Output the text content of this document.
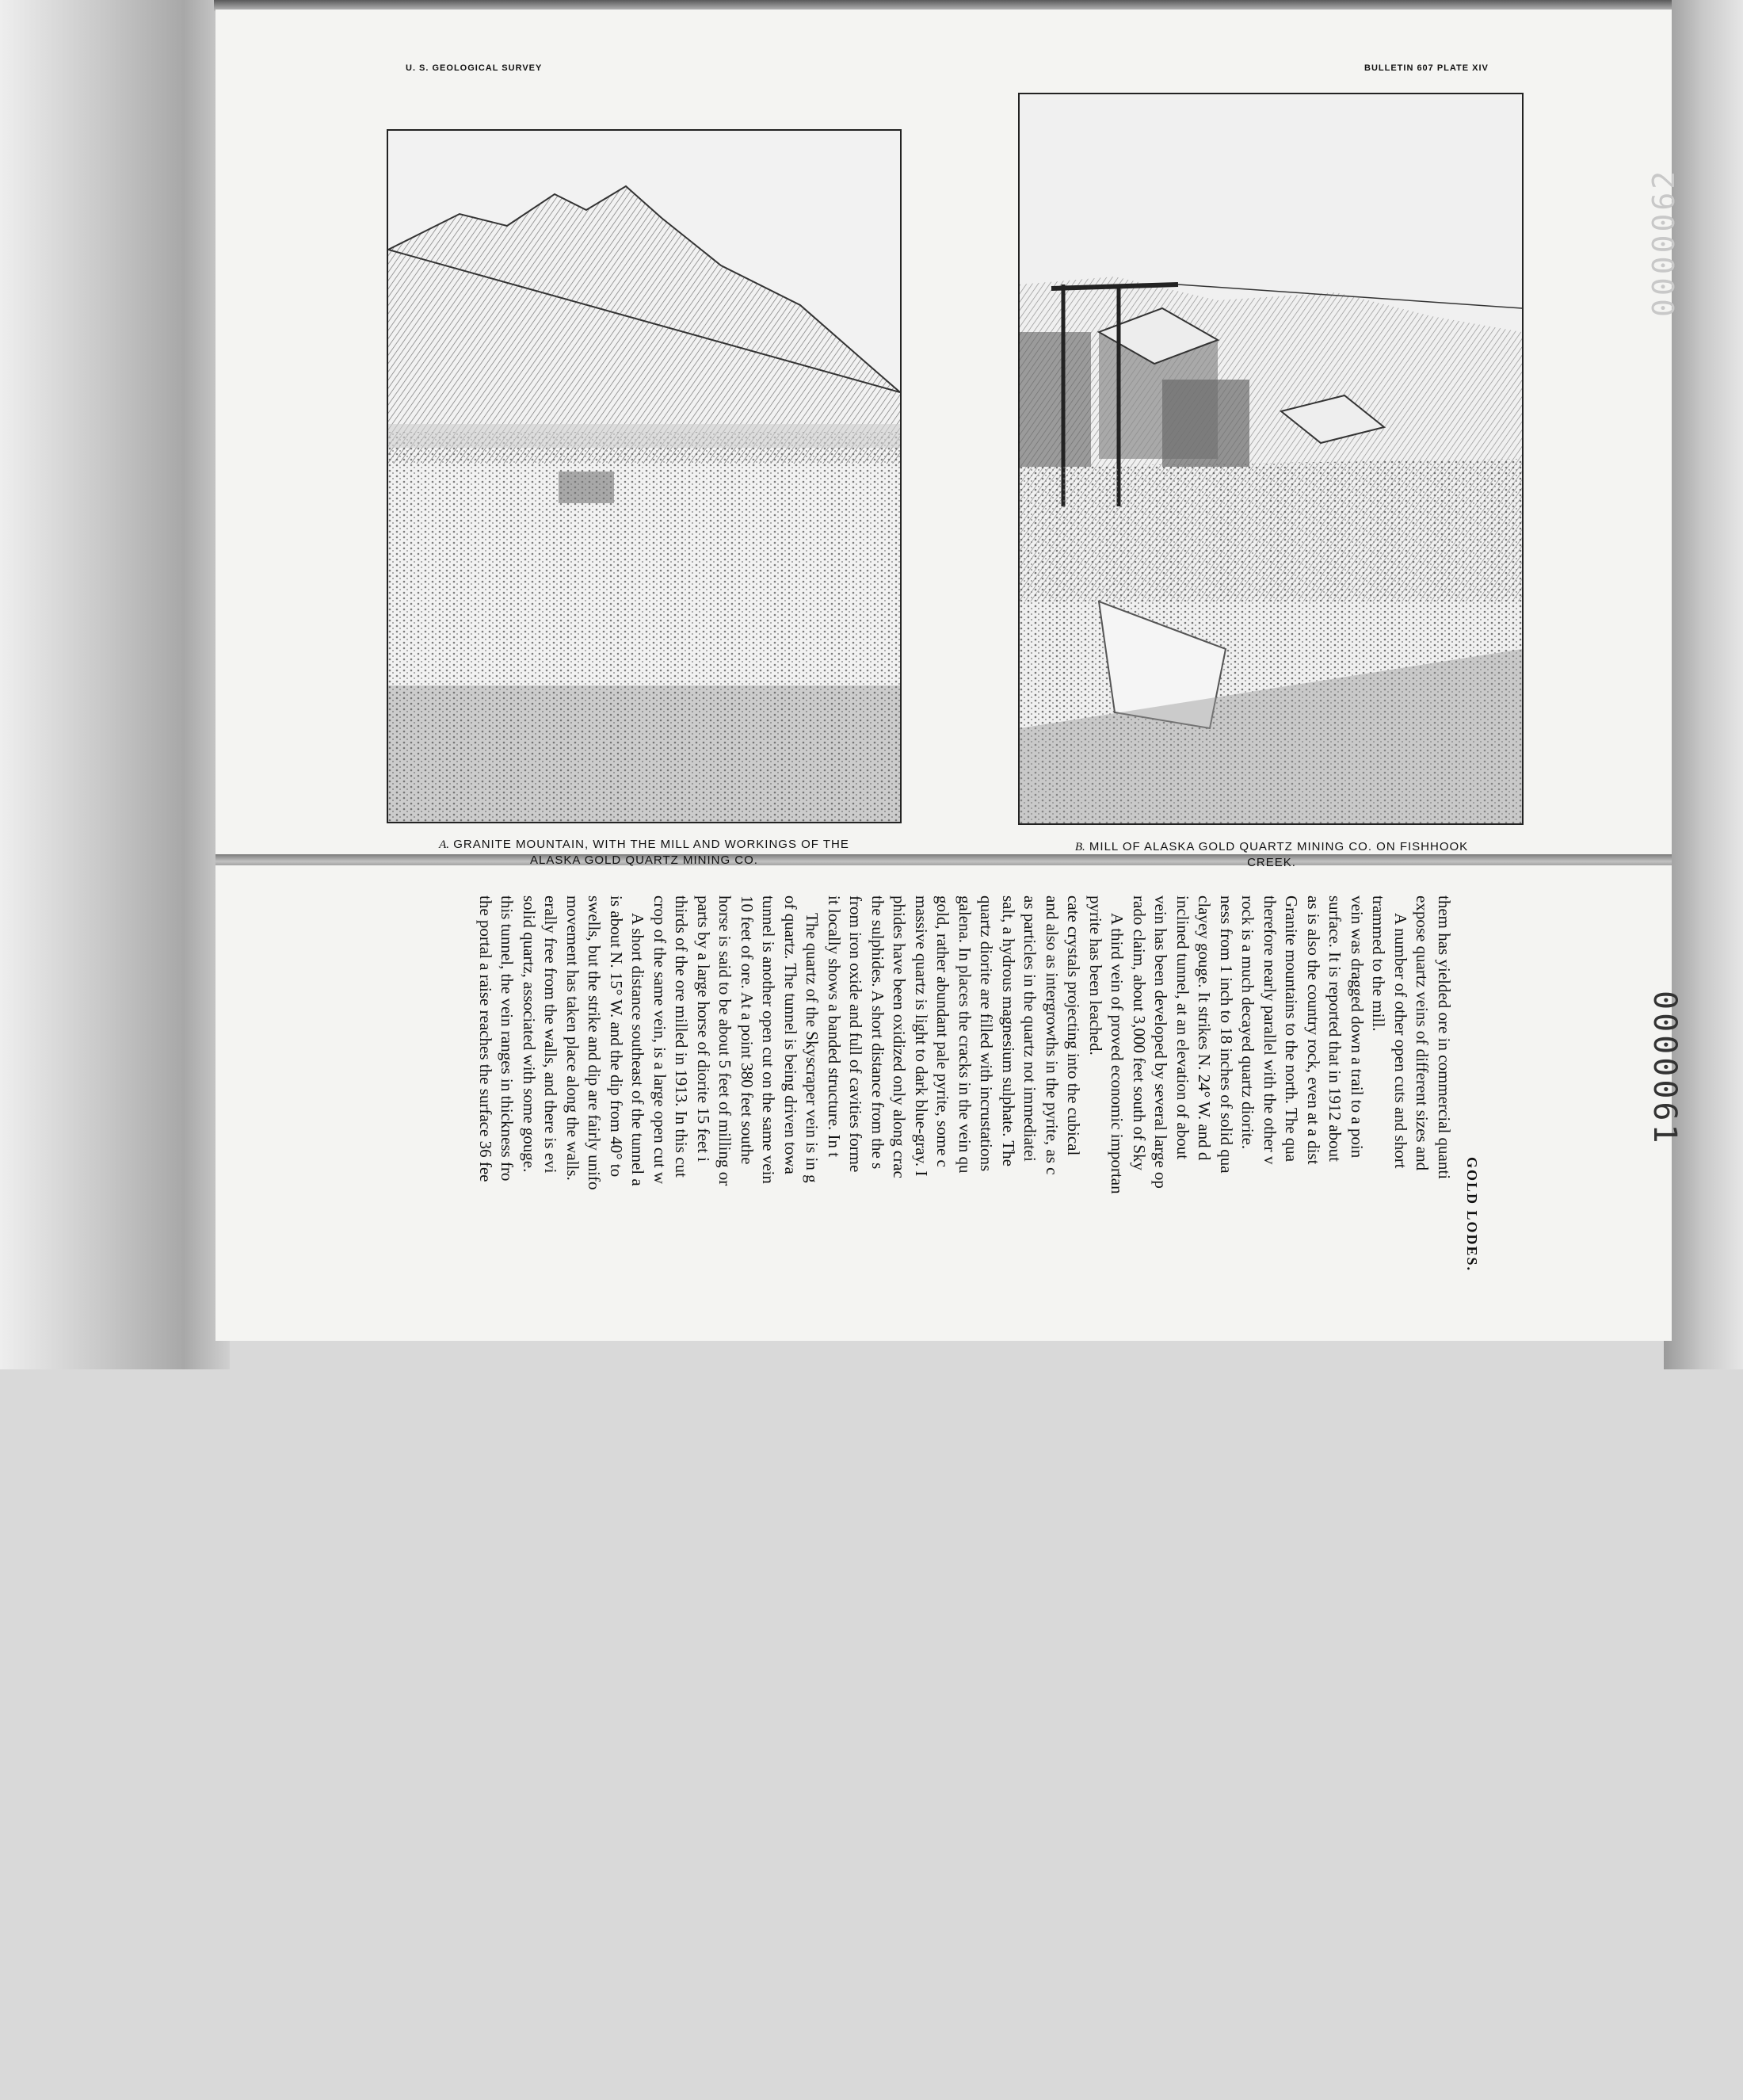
U. S. GEOLOGICAL SURVEY	BULLETIN 607 PLATE XIV
A. GRANITE MOUNTAIN, WITH THE MILL AND WORKINGS OF THE
ALASKA GOLD QUARTZ MINING CO.
B. MILL OF ALASKA GOLD QUARTZ MINING CO. ON FISHHOOK
CREEK.
0000062
GOLD LODES.

the portal a raise reaches the surface 36 fee this tunnel, the vein ranges in thickness fro solid quartz, associated with some gouge. erally free from the walls, and there is evi movement has taken place along the walls. swells, but the strike and dip are fairly unifo is about N. 15° W. and the dip from 40° to A short distance southeast of the tunnel a crop of the same vein, is a large open cut w thirds of the ore milled in 1913. In this cut parts by a large horse of diorite 15 feet i horse is said to be about 5 feet of milling or 10 feet of ore. At a point 380 feet southe tunnel is another open cut on the same vein of quartz. The tunnel is being driven towa The quartz of the Skyscraper vein is in g it locally shows a banded structure. In t from iron oxide and full of cavities forme the sulphides. A short distance from the s phides have been oxidized only along crac massive quartz is light to dark blue-gray. I gold, rather abundant pale pyrite, some c galena. In places the cracks in the vein qu quartz diorite are filled with incrustations salt, a hydrous magnesium sulphate. The as particles in the quartz not immediatei and also as intergrowths in the pyrite, as c cate crystals projecting into the cubical pyrite has been leached. A third vein of proved economic importan rado claim, about 3,000 feet south of Sky vein has been developed by several large op inclined tunnel, at an elevation of about clayey gouge. It strikes N. 24° W. and d ness from 1 inch to 18 inches of solid qua rock is a much decayed quartz diorite. therefore nearly parallel with the other v Granite mountains to the north. The qua as is also the country rock, even at a dist surface. It is reported that in 1912 about vein was dragged down a trail to a poin trammed to the mill. A number of other open cuts and short expose quartz veins of different sizes and them has yielded ore in commercial quanti	0000061
